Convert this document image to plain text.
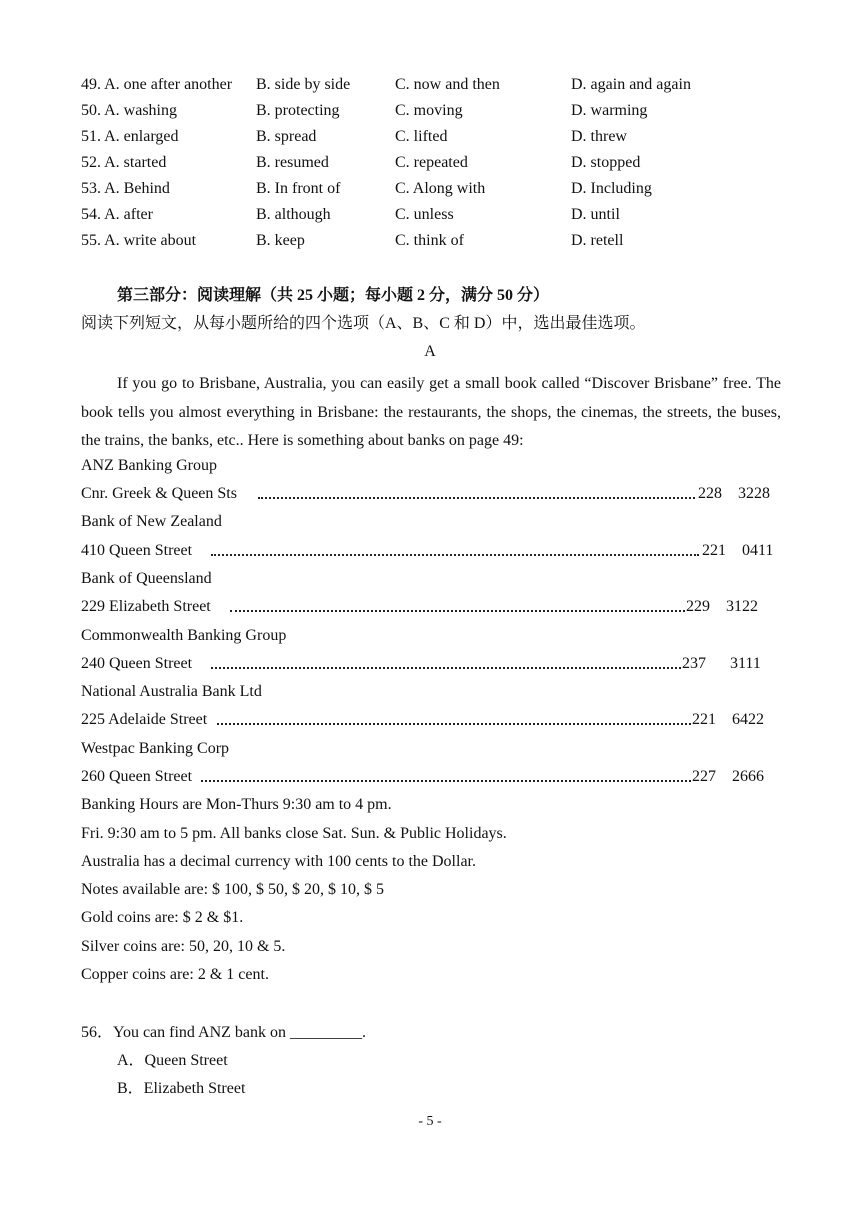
49. A. one after another B. side by side	C. now and then	D. again and again
50. A. washing	B. protecting	C. moving	D. warming
51. A. enlarged	B. spread	C. lifted	D. threw
52. A. started	B. resumed	C. repeated	D. stopped
53. A. Behind	B. In front of	C. Along with	D. Including
54. A. after	B. although	C. unless	D. until
55. A. write about	B. keep	C. think of	D. retell
第三部分：阅读理解（共 25 小题；每小题 2 分，满分 50 分）
阅读下列短文，从每小题所给的四个选项（A、B、C 和 D）中，选出最佳选项。
A
If you go to Brisbane, Australia, you can easily get a small book called “Discover Brisbane” free. The book tells you almost everything in Brisbane: the restaurants, the shops, the cinemas, the streets, the buses, the trains, the banks, etc.. Here is something about banks on page 49:
ANZ Banking Group
Cnr. Greek & Queen Sts	228    3228
Bank of New Zealand
410 Queen Street	221    0411
Bank of Queensland
229 Elizabeth Street	229    3122
Commonwealth Banking Group
240 Queen Street	237      3111
National Australia Bank Ltd
225 Adelaide Street	221    6422
Westpac Banking Corp
260 Queen Street	227    2666
Banking Hours are Mon-Thurs 9:30 am to 4 pm.
Fri. 9:30 am to 5 pm. All banks close Sat. Sun. & Public Holidays.
Australia has a decimal currency with 100 cents to the Dollar.
Notes available are: $ 100, $ 50, $ 20, $ 10, $ 5
Gold coins are: $ 2 & $1.
Silver coins are: 50, 20, 10 & 5.
Copper coins are: 2 & 1 cent.
56．You can find ANZ bank on _________.
A．Queen Street
B．Elizabeth Street
- 5 -
